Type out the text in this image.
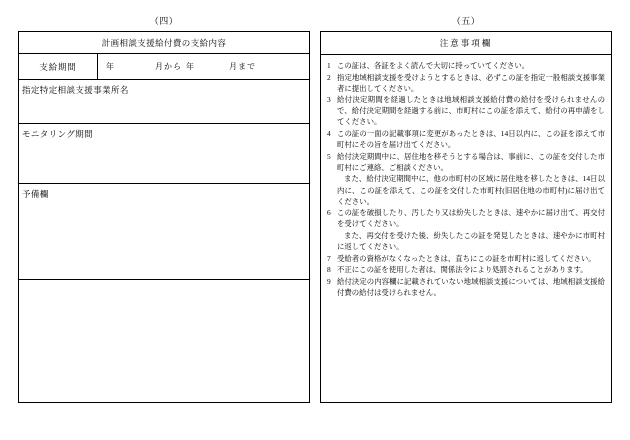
（四）
計画相談支援給付費の支給内容
支給期間	年	月から 年	月まで
指定特定相談支援事業所名
モニタリング期間
予備欄
（五）
注意事項欄
1 この証は、各証をよく読んで大切に持っていてください。
2 指定地域相談支援を受けようとするときは、必ずこの証を指定一般相談支援事業者に提出してください。
3 給付決定期間を経過したときは地域相談支援給付費の給付を受けられませんので、給付決定期間を経過する前に、市町村にこの証を添えて、給付の再申請をしてください。
4 この証の一面の記載事項に変更があったときは、14日以内に、この証を添えて市町村にその旨を届け出てください。
5 給付決定期間中に、居住地を移そうとする場合は、事前に、この証を交付した市町村にご連絡、ご相談ください。
また、給付決定期間中に、他の市町村の区域に居住地を移したときは、14日以内に、この証を添えて、この証を交付した市町村(旧居住地の市町村)に届け出てください。
6 この証を破損したり、汚したり又は紛失したときは、速やかに届け出て、再交付を受けてください。
また、再交付を受けた後、紛失したこの証を発見したときは、速やかに市町村に返してください。
7 受給者の資格がなくなったときは、直ちにこの証を市町村に返してください。
8 不正にこの証を使用した者は、関係法令により処罰されることがあります。
9 給付決定の内容欄に記載されていない地域相談支援については、地域相談支援給付費の給付は受けられません。
